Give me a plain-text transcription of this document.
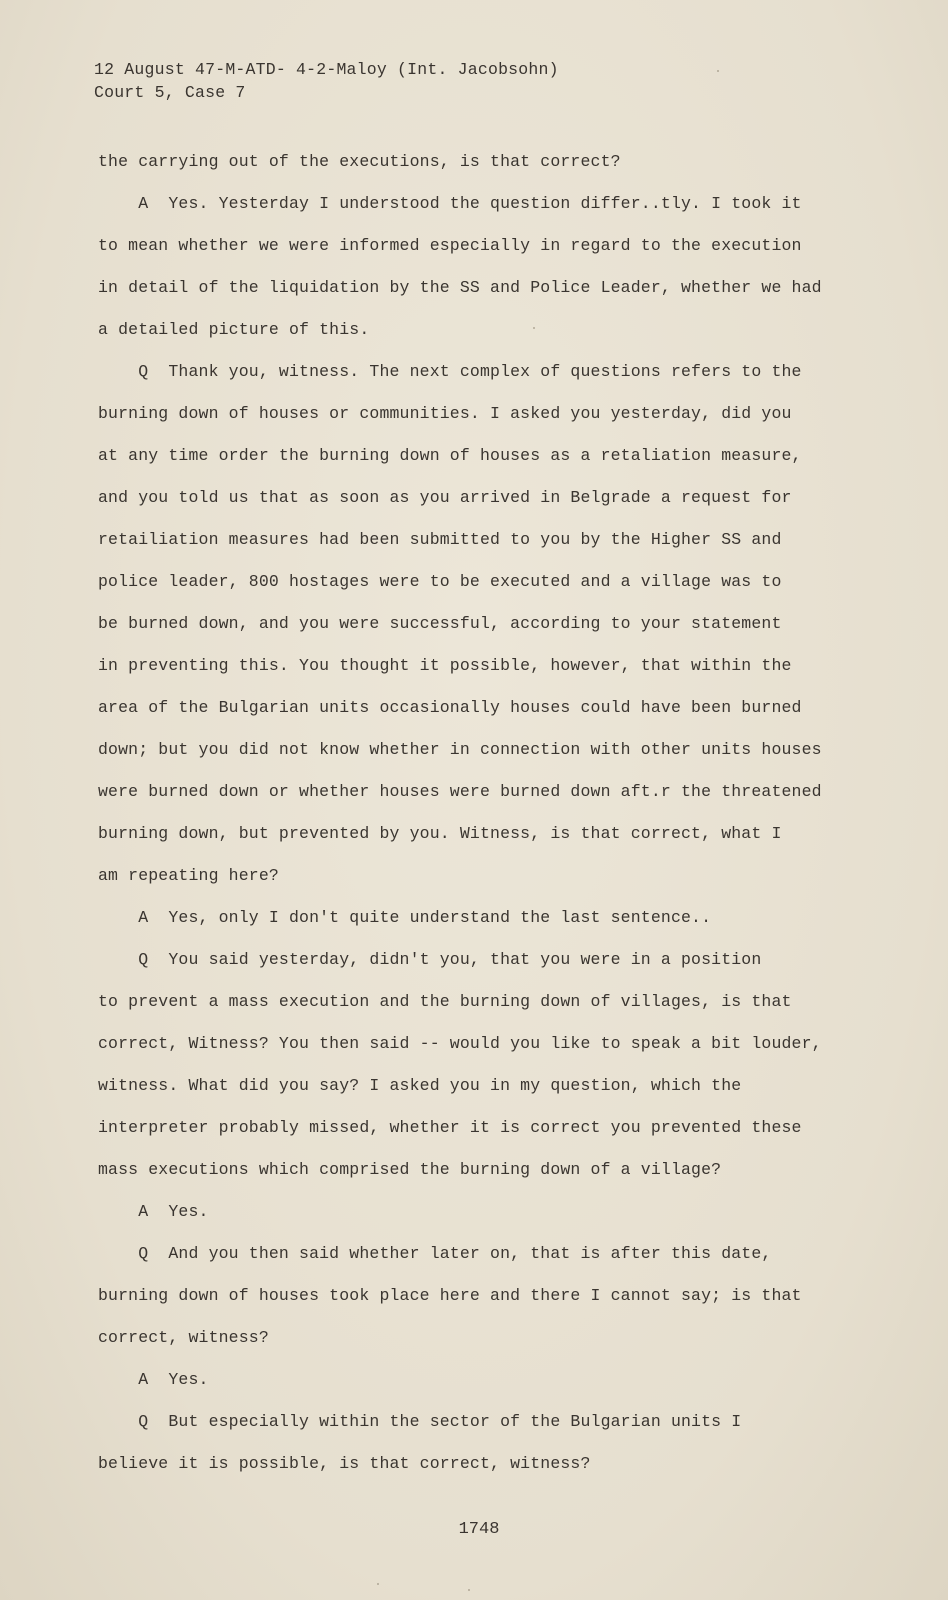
12 August 47-M-ATD- 4-2-Maloy (Int. Jacobsohn)
Court 5, Case 7
the carrying out of the executions, is that correct?
A  Yes. Yesterday I understood the question differ..tly. I took it
to mean whether we were informed especially in regard to the execution
in detail of the liquidation by the SS and Police Leader, whether we had
a detailed picture of this.
Q  Thank you, witness. The next complex of questions refers to the
burning down of houses or communities. I asked you yesterday, did you
at any time order the burning down of houses as a retaliation measure,
and you told us that as soon as you arrived in Belgrade a request for
retailiation measures had been submitted to you by the Higher SS and
police leader, 800 hostages were to be executed and a village was to
be burned down, and you were successful, according to your statement
in preventing this. You thought it possible, however, that within the
area of the Bulgarian units occasionally houses could have been burned
down; but you did not know whether in connection with other units houses
were burned down or whether houses were burned down aft.r the threatened
burning down, but prevented by you. Witness, is that correct, what I
am repeating here?
A  Yes, only I don't quite understand the last sentence..
Q  You said yesterday, didn't you, that you were in a position
to prevent a mass execution and the burning down of villages, is that
correct, Witness? You then said -- would you like to speak a bit louder,
witness. What did you say? I asked you in my question, which the
interpreter probably missed, whether it is correct you prevented these
mass executions which comprised the burning down of a village?
A  Yes.
Q  And you then said whether later on, that is after this date,
burning down of houses took place here and there I cannot say; is that
correct, witness?
A  Yes.
Q  But especially within the sector of the Bulgarian units I
believe it is possible, is that correct, witness?
1748
